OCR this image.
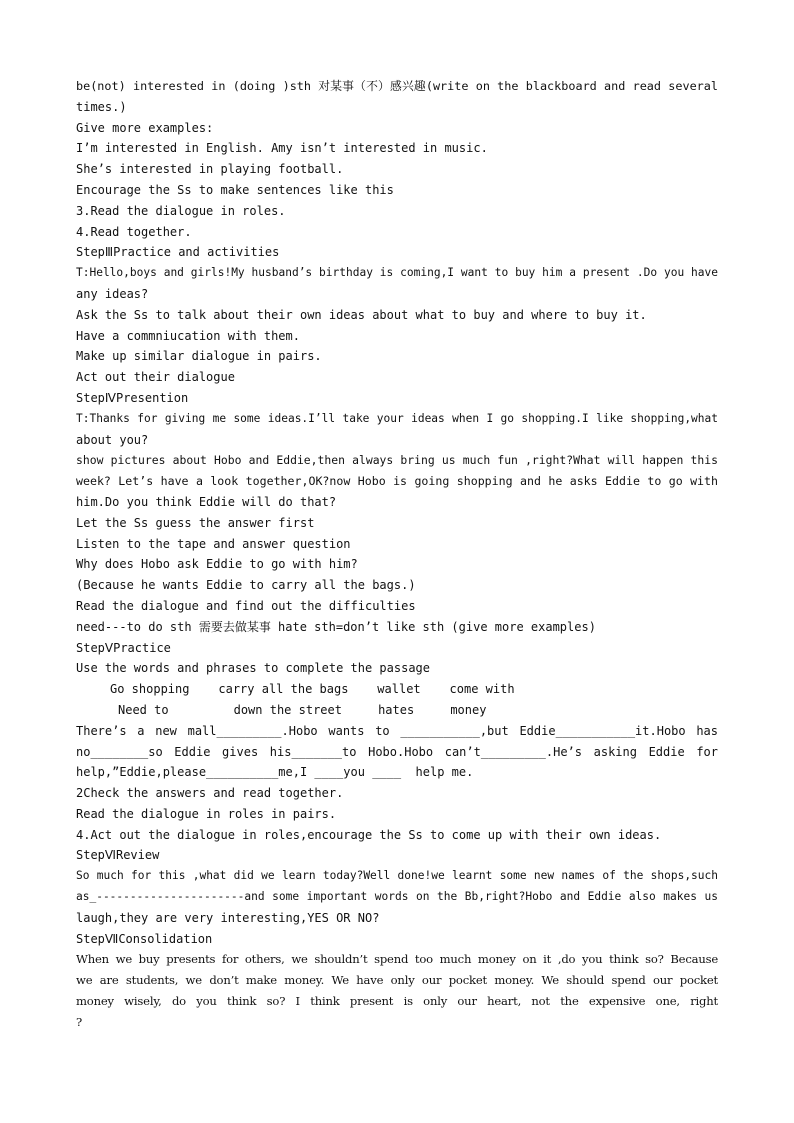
be(not) interested in (doing )sth 对某事（不）感兴趣(write on the blackboard and read several

times.)

Give more examples:

I’m interested in English. Amy isn’t interested in music.

She’s interested in playing football.

Encourage the Ss to make sentences like this

3.Read the dialogue in roles.

4.Read together.

StepⅢPractice and activities

T:Hello,boys and girls!My husband’s birthday is coming,I want to buy him a present .Do you have

any ideas?

Ask the Ss to talk about their own ideas about what to buy and where to buy it.

Have a commniucation with them.

Make up similar dialogue in pairs.

Act out their dialogue

StepⅣPresention

T:Thanks for giving me some ideas.I’ll take your ideas when I go shopping.I like shopping,what

about you?

show pictures about Hobo and Eddie,then always bring us much fun ,right?What will happen this

week? Let’s have a look together,OK?now Hobo is going shopping and he asks Eddie to go with

him.Do you think Eddie will do that?

Let the Ss guess the answer first

Listen to the tape and answer question

Why does Hobo ask Eddie to go with him?

(Because he wants Eddie to carry all the bags.)

Read the dialogue and find out the difficulties

need---to do sth 需要去做某事 hate sth=don’t like sth (give more examples)

StepⅤPractice

Use the words and phrases to complete the passage

Go shopping    carry all the bags    wallet    come with

Need to         down the street     hates     money

There’s a new mall_________.Hobo wants to ___________,but Eddie___________it.Hobo has

no________so Eddie gives his_______to Hobo.Hobo can’t_________.He’s asking Eddie for

help,”Eddie,please__________me,I ____you ____  help me.

2Check the answers and read together.

Read the dialogue in roles in pairs.

4.Act out the dialogue in roles,encourage the Ss to come up with their own ideas.

StepⅥReview

So much for this ,what did we learn today?Well done!we learnt some new names of the shops,such

as_----------------------and some important words on the Bb,right?Hobo and Eddie also makes us

laugh,they are very interesting,YES OR NO?

StepⅦConsolidation

When we buy presents for others, we shouldn’t spend too much money on it ,do you think so? Because

we are students, we don’t make money. We have only our pocket money. We should spend our pocket

money wisely, do you think so? I think present is only our heart, not the expensive one, right

?
